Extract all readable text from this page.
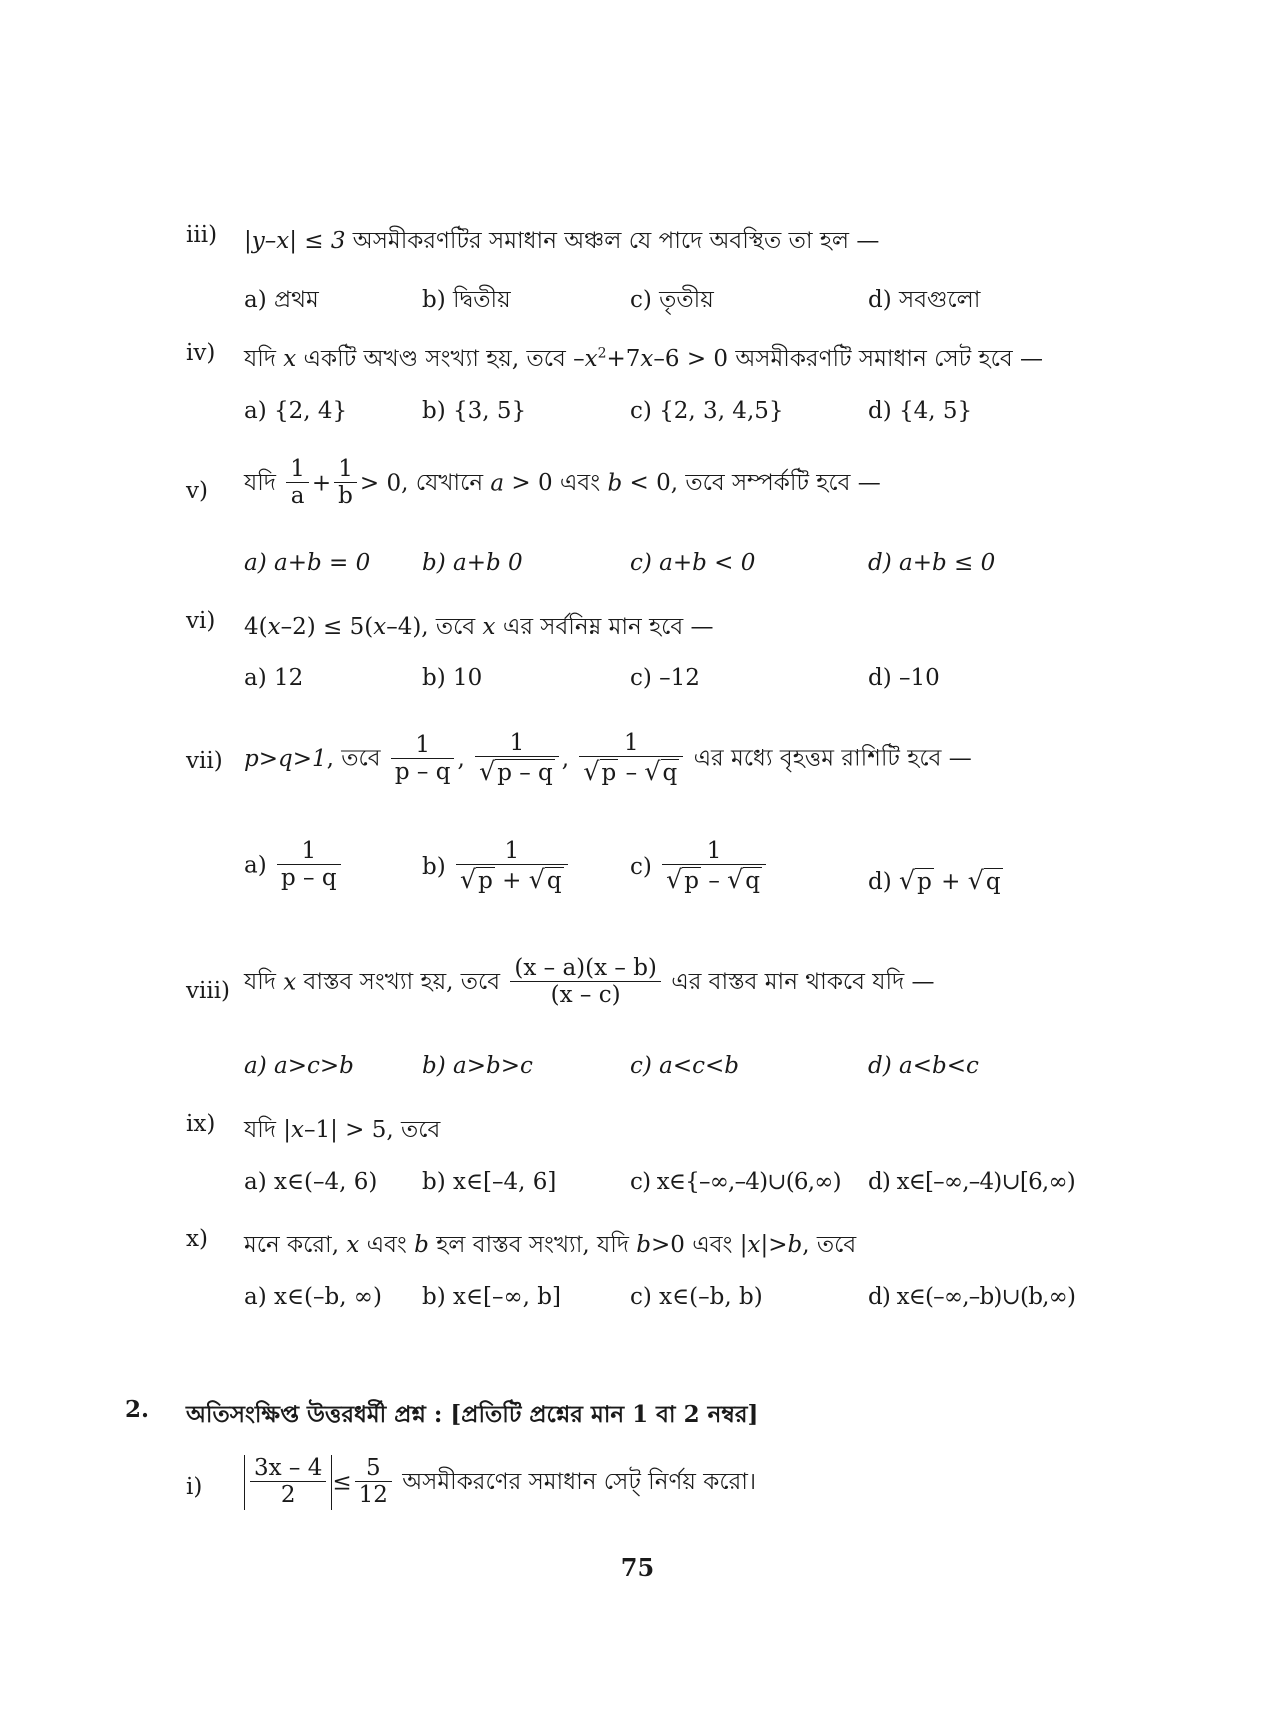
iii) |y–x| ≤ 3 অসমীকরণটির সমাধান অঞ্চল যে পাদে অবস্থিত তা হল —
a) প্রথম	b) দ্বিতীয়	c) তৃতীয়	d) সবগুলো
iv) যদি x একটি অখণ্ড সংখ্যা হয়, তবে $-x^2+7x-6 > 0$ অসমীকরণটি সমাধান সেট হবে —
a) {2, 4}	b) {3, 5}	c) {2, 3, 4,5}	d) {4, 5}
v) যদি $\frac{1}{a} + \frac{1}{b} > 0$, যেখানে a > 0 এবং b < 0, তবে সম্পর্কটি হবে —
a) a+b = 0 b) a+b 0	c) a+b < 0	d) a+b ≤ 0
vi) 4(x–2) ≤ 5(x–4), তবে x এর সর্বনিম্ন মান হবে —
a) 12	b) 10	c) –12	d) –10
vii) p>q>1, তবে $\frac{1}{p - q}$ , $\frac{1}{√p - q}$ , $\frac{1}{√p - √q}$ এর মধ্যে বৃহত্তম রাশিটি হবে —
$a) \frac{1}{p - q}$	$b) \frac{1}{√p + √q}$	$c) \frac{1}{√p - √q}$	d) √p + √q
viii) যদি x বাস্তব সংখ্যা হয়, তবে $\frac{(x - a)(x - b)}{(x - c)}$ এর বাস্তব মান থাকবে যদি —
a) a>c>b	b) a>b>c	c) a<c<b	d) a<b<c
ix) যদি |x–1| > 5, তবে
a) x∈(–4, 6) b) x∈[–4, 6]	c) x∈{–∞,–4)∪(6,∞) d) x∈[–∞,–4)∪[6,∞)
x) মনে করো, x এবং b হল বাস্তব সংখ্যা, যদি b>0 এবং |x|>b, তবে
a) x∈(–b, ∞) b) x∈[–∞, b]	c) x∈(–b, b)	d) x∈(–∞,–b)∪(b,∞)
2. অতিসংক্ষিপ্ত উত্তরধর্মী প্রশ্ন : [প্রতিটি প্রশ্নের মান 1 বা 2 নম্বর]
$i) \frac{3x - 4}{2} \le \frac{5}{12}$ অসমীকরণের সমাধান সেট্ নির্ণয় করো।
75
